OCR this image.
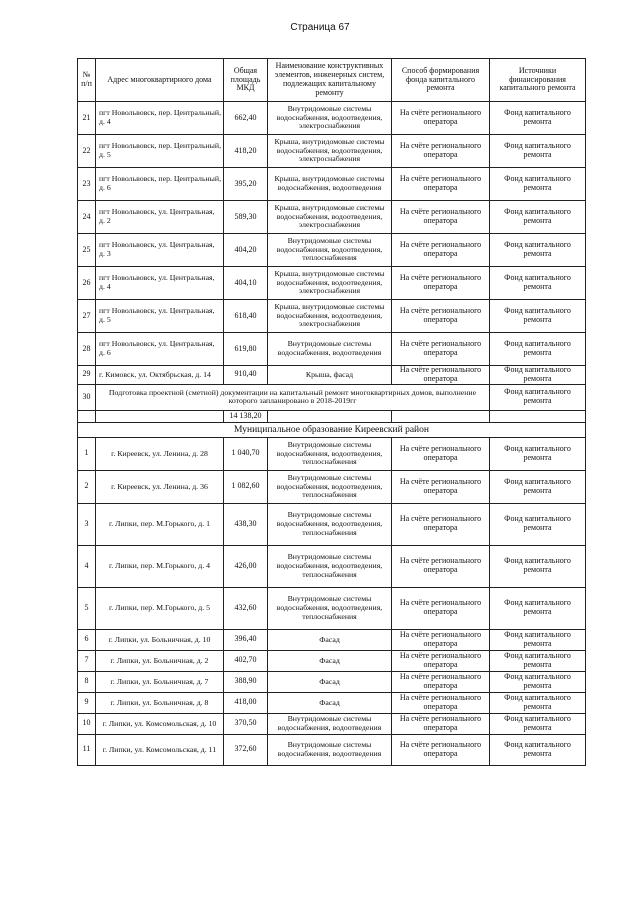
Страница 67
№ п/п	Адрес многоквартирного дома	Общая площадь МКД	Наименование конструктивных элементов, инженерных систем, подлежащих капитальному ремонту	Способ формирования фонда капитального ремонта	Источники финансирования капитального ремонта
21	пгт Новольвовск, пер. Центральный, д. 4	662,40	Внутридомовые системы водоснабжения, водоотведения, электроснабжения	На счёте регионального оператора	Фонд капитального ремонта
22	пгт Новольвовск, пер. Центральный, д. 5	418,20	Крыша, внутридомовые системы водоснабжения, водоотведения, электроснабжения	На счёте регионального оператора	Фонд капитального ремонта
23	пгт Новольвовск, пер. Центральный, д. 6	395,20	Крыша, внутридомовые системы водоснабжения, водоотведения	На счёте регионального оператора	Фонд капитального ремонта
24	пгт Новольвовск, ул. Центральная, д. 2	589,30	Крыша, внутридомовые системы водоснабжения, водоотведения, электроснабжения	На счёте регионального оператора	Фонд капитального ремонта
25	пгт Новольвовск, ул. Центральная, д. 3	404,20	Внутридомовые системы водоснабжения, водоотведения, теплоснабжения	На счёте регионального оператора	Фонд капитального ремонта
26	пгт Новольвовск, ул. Центральная, д. 4	404,10	Крыша, внутридомовые системы водоснабжения, водоотведения, электроснабжения	На счёте регионального оператора	Фонд капитального ремонта
27	пгт Новольвовск, ул. Центральная, д. 5	618,40	Крыша, внутридомовые системы водоснабжения, водоотведения, электроснабжения	На счёте регионального оператора	Фонд капитального ремонта
28	пгт Новольвовск, ул. Центральная, д. 6	619,80	Внутридомовые системы водоснабжения, водоотведения	На счёте регионального оператора	Фонд капитального ремонта
29	г. Кимовск, ул. Октябрьская, д. 14	910,40	Крыша, фасад	На счёте регионального оператора	Фонд капитального ремонта
30	Подготовка проектной (сметной) документации на капитальный ремонт многоквартирных домов, выполнение которого запланировано в 2018-2019гг				Фонд капитального ремонта
		14 138,20			
Муниципальное образование Киреевский район					
1	г. Киреевск, ул. Ленина, д. 28	1 040,70	Внутридомовые системы водоснабжения, водоотведения, теплоснабжения	На счёте регионального оператора	Фонд капитального ремонта
2	г. Киреевск, ул. Ленина, д. 36	1 082,60	Внутридомовые системы водоснабжения, водоотведения, теплоснабжения	На счёте регионального оператора	Фонд капитального ремонта
3	г. Липки, пер. М.Горького, д. 1	438,30	Внутридомовые системы водоснабжения, водоотведения, теплоснабжения	На счёте регионального оператора	Фонд капитального ремонта
4	г. Липки, пер. М.Горького, д. 4	426,00	Внутридомовые системы водоснабжения, водоотведения, теплоснабжения	На счёте регионального оператора	Фонд капитального ремонта
5	г. Липки, пер. М.Горького, д. 5	432,60	Внутридомовые системы водоснабжения, водоотведения, теплоснабжения	На счёте регионального оператора	Фонд капитального ремонта
6	г. Липки, ул. Больничная, д. 10	396,40	Фасад	На счёте регионального оператора	Фонд капитального ремонта
7	г. Липки, ул. Больничная, д. 2	402,70	Фасад	На счёте регионального оператора	Фонд капитального ремонта
8	г. Липки, ул. Больничная, д. 7	388,90	Фасад	На счёте регионального оператора	Фонд капитального ремонта
9	г. Липки, ул. Больничная, д. 8	418,00	Фасад	На счёте регионального оператора	Фонд капитального ремонта
10	г. Липки, ул. Комсомольская, д. 10	370,50	Внутридомовые системы водоснабжения, водоотведения	На счёте регионального оператора	Фонд капитального ремонта
11	г. Липки, ул. Комсомольская, д. 11	372,60	Внутридомовые системы водоснабжения, водоотведения	На счёте регионального оператора	Фонд капитального ремонта
